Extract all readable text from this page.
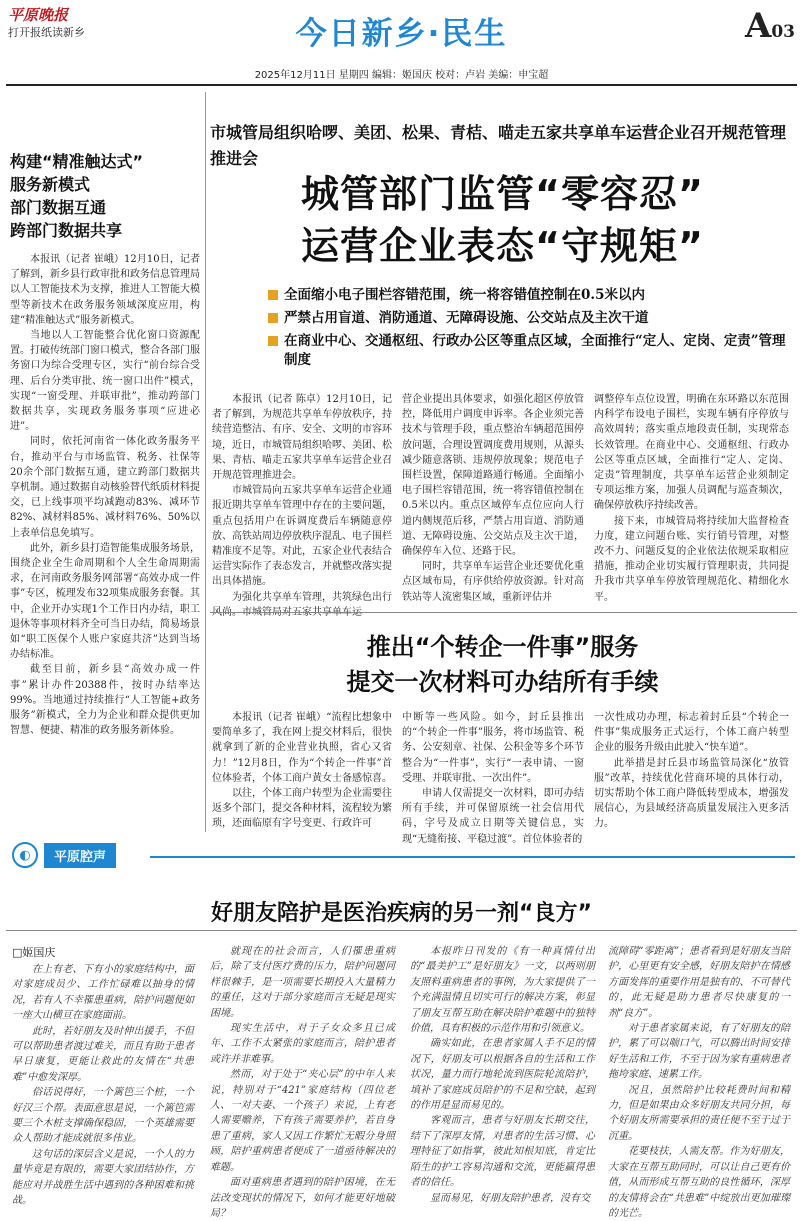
平原晚报
打开报纸读新乡	今日新乡·民生	A03
2025年12月11日 星期四 编辑：姬国庆 校对：卢岩 美编：申宝超
构建“精准触达式”
服务新模式
部门数据互通
跨部门数据共享

本报讯（记者 崔峨）12月10日，记者了解到，新乡县行政审批和政务信息管理局以人工智能技术为支撑，推进人工智能大模型等新技术在政务服务领域深度应用，构建“精准触达式”服务新模式。

当地以人工智能整合优化窗口资源配置。打破传统部门窗口模式，整合各部门服务窗口为综合受理专区，实行“前台综合受理、后台分类审批、统一窗口出件”模式，实现“一窗受理、并联审批”，推动跨部门数据共享，实现政务服务事项“应进必进”。

同时，依托河南省一体化政务服务平台，推动平台与市场监管、税务、社保等20余个部门数据互通，建立跨部门数据共享机制。通过数据自动核验替代纸质材料提交，已上线事项平均减跑动83%、减环节82%、减材料85%、减材料76%、50%以上表单信息免填写。

此外，新乡县打造智能集成服务场景，围绕企业全生命周期和个人全生命周期需求，在河南政务服务网部署“高效办成一件事”专区，梳理发布32项集成服务套餐。其中，企业开办实现1个工作日内办结，职工退休等事项材料齐全可当日办结，简易场景如“职工医保个人账户家庭共济”达到当场办结标准。

截至目前，新乡县“高效办成一件事”累计办件20388件，按时办结率达99%。当地通过持续推行“人工智能+政务服务”新模式，全力为企业和群众提供更加智慧、便捷、精准的政务服务新体验。

市城管局组织哈啰、美团、松果、青桔、喵走五家共享单车运营企业召开规范管理推进会
城管部门监管“零容忍”
运营企业表态“守规矩”
全面缩小电子围栏容错范围，统一将容错值控制在0.5米以内
严禁占用盲道、消防通道、无障碍设施、公交站点及主次干道
在商业中心、交通枢纽、行政办公区等重点区域，全面推行“定人、定岗、定责”管理制度

本报讯（记者 陈卓）12月10日，记者了解到，为规范共享单车停放秩序，持续营造整洁、有序、安全、文明的市容环境，近日，市城管局组织哈啰、美团、松果、青桔、喵走五家共享单车运营企业召开规范管理推进会。

市城管局向五家共享单车运营企业通报近期共享单车管理中存在的主要问题，重点包括用户在诉调度费后车辆随意停放、高铁站周边停放秩序混乱、电子围栏精准度不足等。对此，五家企业代表结合运营实际作了表态发言，并就整改落实提出具体措施。

为强化共享单车管理，共筑绿色出行风尚。市城管局对五家共享单车运

营企业提出具体要求，如强化超区停放管控，降低用户调度申诉率。各企业须完善技术与管理手段，重点整治车辆超范围停放问题，合理设置调度费用规则，从源头减少随意落锁、违规停放现象；规范电子围栏设置，保障道路通行畅通。全面缩小电子围栏容错范围，统一将容错值控制在0.5米以内。重点区域停车点位应向人行道内侧规范后移，严禁占用盲道、消防通道、无障碍设施、公交站点及主次干道，确保停车入位、还路于民。

同时，共享单车运营企业还要优化重点区域布局，有序供给停放资源。针对高铁站等人流密集区域，重新评估并

调整停车点位设置，明确在东环路以东范围内科学布设电子围栏，实现车辆有序停放与高效周转；落实重点地段责任制，实现常态长效管理。在商业中心、交通枢纽、行政办公区等重点区域，全面推行“定人、定岗、定责”管理制度，共享单车运营企业须制定专项运维方案，加强人员调配与巡查频次，确保停放秩序持续改善。

接下来，市城管局将持续加大监督检查力度，建立问题台账、实行销号管理，对整改不力、问题反复的企业依法依规采取相应措施，推动企业切实履行管理职责，共同提升我市共享单车停放管理规范化、精细化水平。

推出“个转企一件事”服务
提交一次材料可办结所有手续

本报讯（记者 崔峨）“流程比想象中要简单多了，我在网上提交材料后，很快就拿到了新的企业营业执照，省心又省力！”12月8日，作为“个转企一件事”首位体验者，个体工商户黄女士备感惊喜。

以往，个体工商户转型为企业需要往返多个部门，提交各种材料，流程较为繁琐，还面临原有字号变更、行政许可

中断等一些风险。如今，封丘县推出的“个转企一件事”服务，将市场监管、税务、公安刻章、社保、公积金等多个环节整合为“一件事”，实行“一表申请、一窗受理、并联审批、一次出件”。

申请人仅需提交一次材料，即可办结所有手续，并可保留原统一社会信用代码，字号及成立日期等关键信息，实现“无缝衔接、平稳过渡”。首位体验者的

一次性成功办理，标志着封丘县“个转企一件事”集成服务正式运行，个体工商户转型企业的服务升级由此驶入“快车道”。

此举措是封丘县市场监管局深化“放管服”改革，持续优化营商环境的具体行动，切实帮助个体工商户降低转型成本，增强发展信心，为县域经济高质量发展注入更多活力。

◐	平原腔声
好朋友陪护是医治疾病的另一剂“良方”
□姬国庆

在上有老、下有小的家庭结构中，面对家庭成员少、工作忙碌难以抽身的情况，若有人不幸罹患重病，陪护问题便如一座大山横亘在家庭面前。

此时，若好朋友及时伸出援手，不但可以帮助患者渡过难关，而且有助于患者早日康复，更能让救此的友情在“共患难”中愈发深厚。

俗话说得好，一个篱笆三个桩，一个好汉三个帮。表面意思是说，一个篱笆需要三个木桩支撑确保稳固，一个英雄需要众人帮助才能成就很多伟业。

这句话的深层含义是说，一个人的力量毕竟是有限的，需要大家团结协作，方能应对并战胜生活中遇到的各种困难和挑战。

就现在的社会而言，人们罹患重病后，除了支付医疗费的压力，陪护问题同样很棘手，是一项需要长期投入大量精力的重任，这对于部分家庭而言无疑是现实困境。

现实生活中，对于子女众多且已成年、工作不太紧张的家庭而言，陪护患者或许并非难事。

然而，对于处于“夹心层”的中年人来说，特别对于“421”家庭结构（四位老人、一对夫妻、一个孩子）来说，上有老人需要赡养，下有孩子需要养护，若自身患了重病，家人又因工作繁忙无暇分身照顾，陪护重病患者便成了一道亟待解决的难题。

面对重病患者遇到的陪护困境，在无法改变现状的情况下，如何才能更好地破局？

本报昨日刊发的《有一种真情付出的“最美护工”是好朋友》一文，以两则朋友照料重病患者的事例，为大家提供了一个充满温情且切实可行的解决方案，彰显了朋友互帮互助在解决陪护难题中的独特价值，具有积极的示范作用和引领意义。

确实如此，在患者家属人手不足的情况下，好朋友可以根据各自的生活和工作状况，量力而行地轮流到医院轮流陪护，填补了家庭成员陪护的不足和空缺，起到的作用是显而易见的。

客观而言，患者与好朋友长期交往，结下了深厚友情，对患者的生活习惯、心理特征了如指掌，彼此知根知底，肯定比陌生的护工容易沟通和交流，更能赢得患者的信任。

显而易见，好朋友陪护患者，没有交

流障碍“零距离”；患者看到是好朋友当陪护，心里更有安全感，好朋友陪护在情感方面发挥的重要作用是独有的、不可替代的，此无疑是助力患者尽快康复的一剂“良方”。

对于患者家属来说，有了好朋友的陪护，累了可以喘口气，可以腾出时间安排好生活和工作，不至于因为家有重病患者拖垮家庭、速累工作。

况且，虽然陪护比较耗费时间和精力，但是如果由众多好朋友共同分担，每个好朋友所需要承担的责任便不至于过于沉重。

花要枝扶，人需友帮。作为好朋友，大家在互帮互助同时，可以让自己更有价值，从而形成互帮互助的良性循环，深厚的友情将会在“共患难”中绽放出更加璀璨的光芒。
